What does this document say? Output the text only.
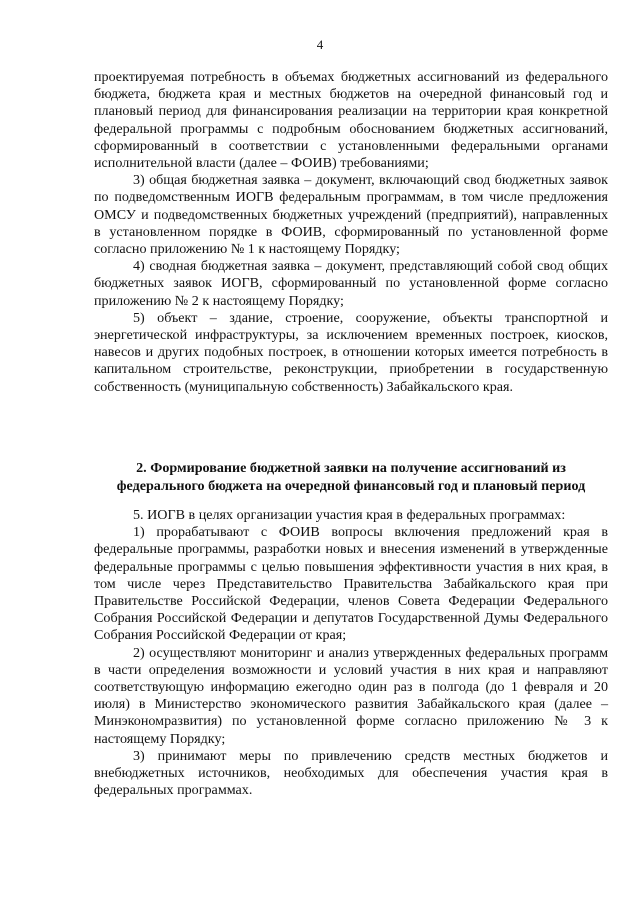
4

проектируемая потребность в объемах бюджетных ассигнований из федерального бюджета, бюджета края и местных бюджетов на очередной финансовый год и плановый период для финансирования реализации на территории края конкретной федеральной программы с подробным обоснованием бюджетных ассигнований, сформированный в соответствии с установленными федеральными органами исполнительной власти (далее – ФОИВ) требованиями;

3) общая бюджетная заявка – документ, включающий свод бюджетных заявок по подведомственным ИОГВ федеральным программам, в том числе предложения ОМСУ и подведомственных бюджетных учреждений (предприятий), направленных в установленном порядке в ФОИВ, сформированный по установленной форме согласно приложению № 1 к настоящему Порядку;

4) сводная бюджетная заявка – документ, представляющий собой свод общих бюджетных заявок ИОГВ, сформированный по установленной форме согласно приложению № 2 к настоящему Порядку;

5) объект – здание, строение, сооружение, объекты транспортной и энергетической инфраструктуры, за исключением временных построек, киосков, навесов и других подобных построек, в отношении которых имеется потребность в капитальном строительстве, реконструкции, приобретении в государственную собственность (муниципальную собственность) Забайкальского края.

2. Формирование бюджетной заявки на получение ассигнований из
федерального бюджета на очередной финансовый год и плановый период

5. ИОГВ в целях организации участия края в федеральных программах:

1) прорабатывают с ФОИВ вопросы включения предложений края в федеральные программы, разработки новых и внесения изменений в утвержденные федеральные программы с целью повышения эффективности участия в них края, в том числе через Представительство Правительства Забайкальского края при Правительстве Российской Федерации, членов Совета Федерации Федерального Собрания Российской Федерации и депутатов Государственной Думы Федерального Собрания Российской Федерации от края;

2) осуществляют мониторинг и анализ утвержденных федеральных программ в части определения возможности и условий участия в них края и направляют соответствующую информацию ежегодно один раз в полгода (до 1 февраля и 20 июля) в Министерство экономического развития Забайкальского края (далее – Минэкономразвития) по установленной форме согласно приложению № 3 к настоящему Порядку;

3) принимают меры по привлечению средств местных бюджетов и внебюджетных источников, необходимых для обеспечения участия края в федеральных программах.
